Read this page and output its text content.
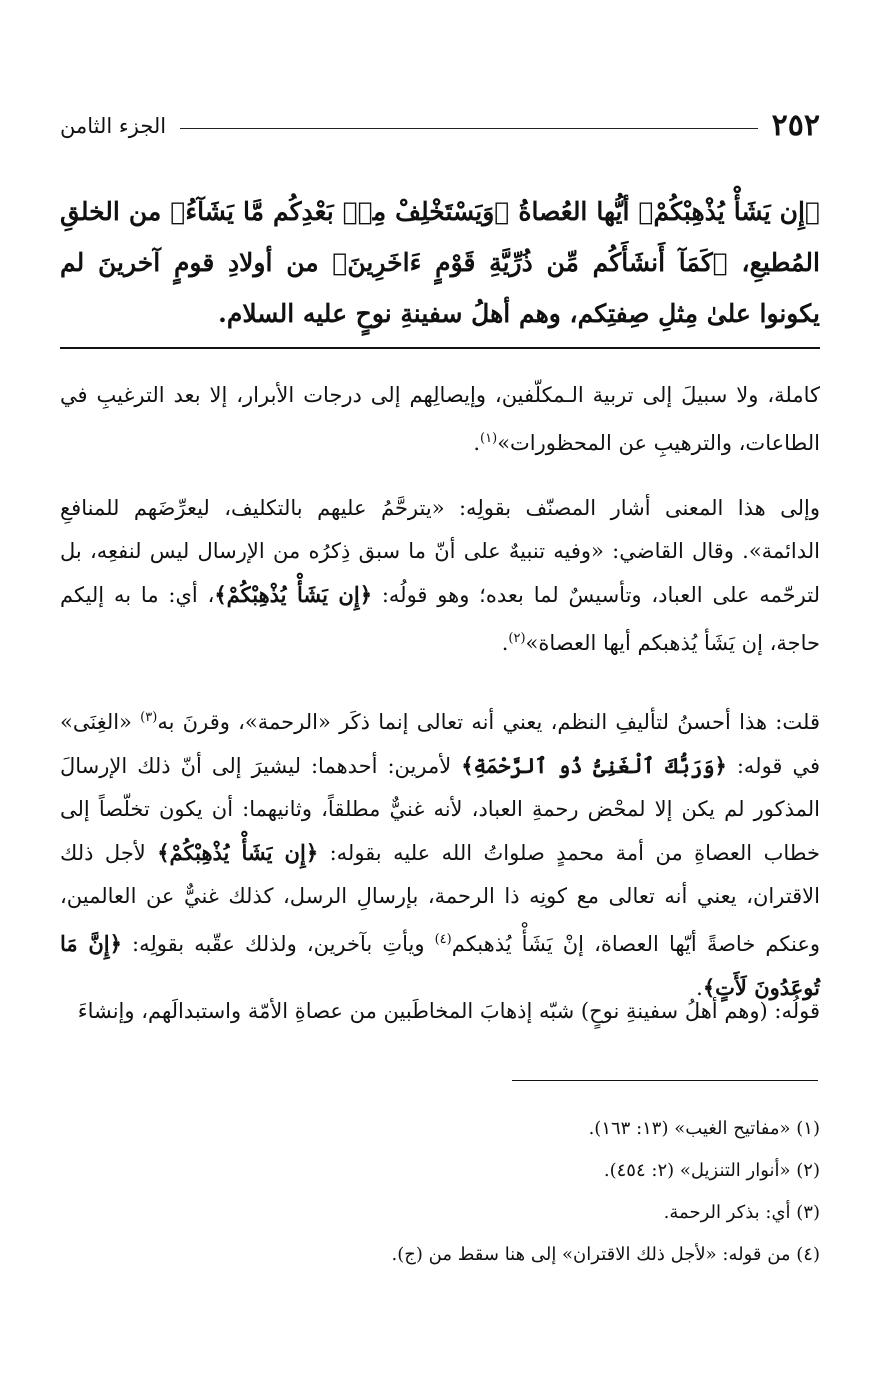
٢٥٢
الجزء الثامن
﴿إِن يَشَأْ يُذْهِبْكُمْ﴾ أيُّها العُصاةُ ﴿وَيَسْتَخْلِفْ مِنۢ بَعْدِكُم مَّا يَشَآءُ﴾ من الخلقِ المُطيعِ، ﴿كَمَآ أَنشَأَكُم مِّن ذُرِّيَّةِ قَوْمٍ ءَاخَرِينَ﴾ من أولادِ قومٍ آخرينَ لم يكونوا علىٰ مِثلِ صِفتِكم، وهم أهلُ سفينةِ نوحٍ عليه السلام.
كاملة، ولا سبيلَ إلى تربية الـمكلّفين، وإيصالِهم إلى درجات الأبرار، إلا بعد الترغيبِ في الطاعات، والترهيبِ عن المحظورات»$^{(١)}$.
وإلى هذا المعنى أشار المصنّف بقولِه: «يترحَّمُ عليهم بالتكليف، ليعرِّضَهم للمنافعِ الدائمة». وقال القاضي: «وفيه تنبيهٌ على أنّ ما سبق ذِكرُه من الإرسال ليس لنفعِه، بل لترحّمه على العباد، وتأسيسٌ لما بعده؛ وهو قولُه: ﴿إِن يَشَأْ يُذْهِبْكُمْ﴾، أي: ما به إليكم حاجة، إن يَشَأ يُذهبكم أيها العصاة»$^{(٢)}$.
قلت: هذا أحسنُ لتأليفِ النظم، يعني أنه تعالى إنما ذكَر «الرحمة»، وقرنَ به$^{(٣)}$ «الغِنَى» في قوله: ﴿وَرَبُّكَ ٱلْغَنِىُّ ذُو ٱلرَّحْمَةِ﴾ لأمرين: أحدهما: ليشيرَ إلى أنّ ذلك الإرسالَ المذكور لم يكن إلا لمحْض رحمةِ العباد، لأنه غنيٌّ مطلقاً، وثانيهما: أن يكون تخلّصاً إلى خطاب العصاةِ من أمة محمدٍ صلواتُ الله عليه بقوله: ﴿إِن يَشَأْ يُذْهِبْكُمْ﴾ لأجل ذلك الاقتران، يعني أنه تعالى مع كونِه ذا الرحمة، بإرسالِ الرسل، كذلك غنيٌّ عن العالمين، وعنكم خاصةً أيّها العصاة، إنْ يَشَأْ يُذهبكم$^{(٤)}$ ويأتِ بآخرين، ولذلك عقّبه بقولِه: ﴿إِنَّ مَا تُوعَدُونَ لَأَتٍ﴾.
قولُه: (وهم أهلُ سفينةِ نوحٍ) شبّه إذهابَ المخاطَبين من عصاةِ الأمّة واستبدالَهم، وإنشاءَ
(١) «مفاتيح الغيب» (١٣: ١٦٣).
(٢) «أنوار التنزيل» (٢: ٤٥٤).
(٣) أي: بذكر الرحمة.
(٤) من قوله: «لأجل ذلك الاقتران» إلى هنا سقط من (ج).
